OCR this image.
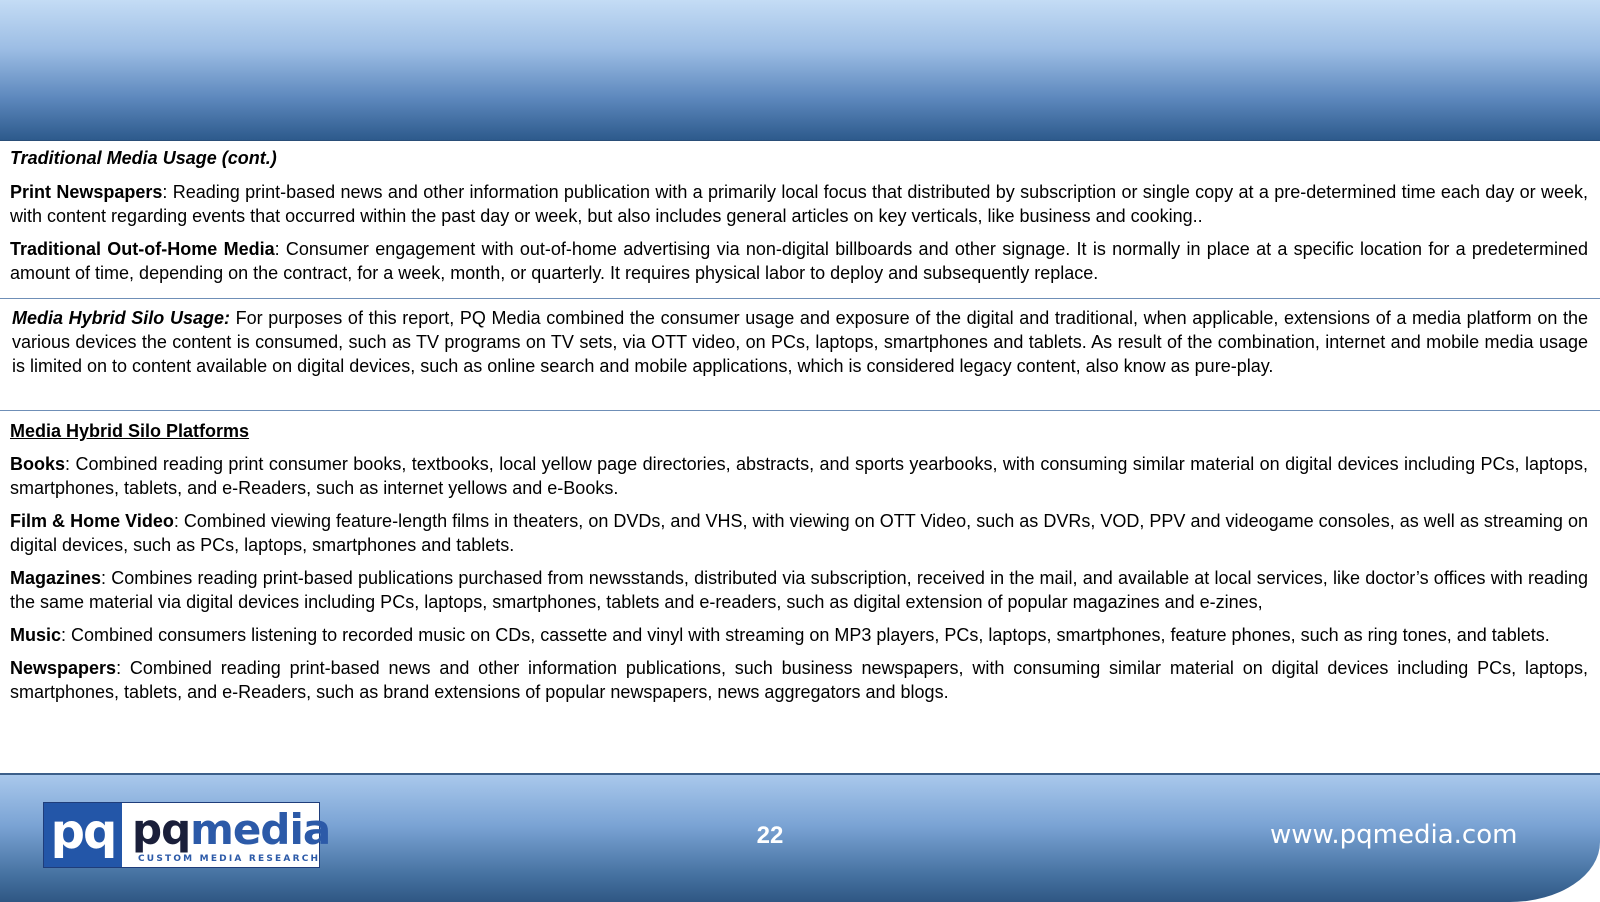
Traditional Media Usage (cont.)

Print Newspapers: Reading print-based news and other information publication with a primarily local focus that distributed by subscription or single copy at a pre-determined time each day or week, with content regarding events that occurred within the past day or week, but also includes general articles on key verticals, like business and cooking..

Traditional Out-of-Home Media: Consumer engagement with out-of-home advertising via non-digital billboards and other signage. It is normally in place at a specific location for a predetermined amount of time, depending on the contract, for a week, month, or quarterly. It requires physical labor to deploy and subsequently replace.

Media Hybrid Silo Usage: For purposes of this report, PQ Media combined the consumer usage and exposure of the digital and traditional, when applicable, extensions of a media platform on the various devices the content is consumed, such as TV programs on TV sets, via OTT video, on PCs, laptops, smartphones and tablets. As result of the combination, internet and mobile media usage is limited on to content available on digital devices, such as online search and mobile applications, which is considered legacy content, also know as pure-play.
Media Hybrid Silo Platforms

Books: Combined reading print consumer books, textbooks, local yellow page directories, abstracts, and sports yearbooks, with consuming similar material on digital devices including PCs, laptops, smartphones, tablets, and e-Readers, such as internet yellows and e-Books.

Film & Home Video: Combined viewing feature-length films in theaters, on DVDs, and VHS, with viewing on OTT Video, such as DVRs, VOD, PPV and videogame consoles, as well as streaming on digital devices, such as PCs, laptops, smartphones and tablets.

Magazines: Combines reading print-based publications purchased from newsstands, distributed via subscription, received in the mail, and available at local services, like doctor’s offices with reading the same material via digital devices including PCs, laptops, smartphones, tablets and e-readers, such as digital extension of popular magazines and e-zines,

Music: Combined consumers listening to recorded music on CDs, cassette and vinyl with streaming on MP3 players, PCs, laptops, smartphones, feature phones, such as ring tones, and tablets.

Newspapers: Combined reading print-based news and other information publications, such business newspapers, with consuming similar material on digital devices including PCs, laptops, smartphones, tablets, and e-Readers, such as brand extensions of popular newspapers, news aggregators and blogs.

pq pqmedia
CUSTOM MEDIA RESEARCH
22	www.pqmedia.com
